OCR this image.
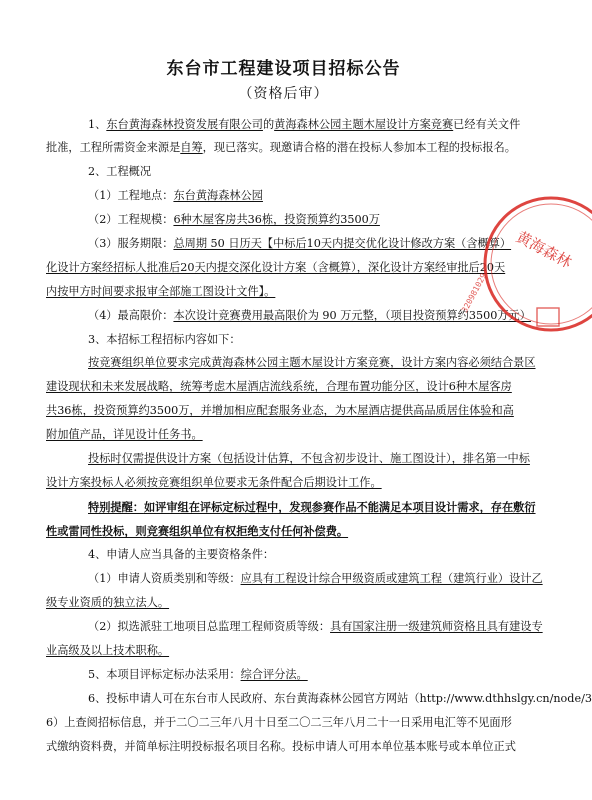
东台市工程建设项目招标公告
（资格后审）
1、东台黄海森林投资发展有限公司的黄海森林公园主题木屋设计方案竞赛已经有关文件
批准，工程所需资金来源是自筹，现已落实。现邀请合格的潜在投标人参加本工程的投标报名。
2、工程概况
（1）工程地点：东台黄海森林公园
（2）工程规模：6种木屋客房共36栋，投资预算约3500万
（3）服务期限：总周期 50 日历天【中标后10天内提交优化设计修改方案（含概算）
化设计方案经招标人批准后20天内提交深化设计方案（含概算），深化设计方案经审批后20天
内按甲方时间要求报审全部施工图设计文件】。
（4）最高限价：本次设计竞赛费用最高限价为 90 万元整，（项目投资预算约3500万元）
3、本招标工程招标内容如下：
按竞赛组织单位要求完成黄海森林公园主题木屋设计方案竞赛，设计方案内容必须结合景区
建设现状和未来发展战略，统筹考虑木屋酒店流线系统，合理布置功能分区，设计6种木屋客房
共36栋，投资预算约3500万，并增加相应配套服务业态，为木屋酒店提供高品质居住体验和高
附加值产品，详见设计任务书。
投标时仅需提供设计方案（包括设计估算，不包含初步设计、施工图设计），排名第一中标
设计方案投标人必须按竞赛组织单位要求无条件配合后期设计工作。
特别提醒：如评审组在评标定标过程中，发现参赛作品不能满足本项目设计需求，存在敷衍
性或雷同性投标，则竞赛组织单位有权拒绝支付任何补偿费。
4、申请人应当具备的主要资格条件：
（1）申请人资质类别和等级：应具有工程设计综合甲级资质或建筑工程（建筑行业）设计乙
级专业资质的独立法人。
（2）拟选派驻工地项目总监理工程师资质等级：具有国家注册一级建筑师资格且具有建设专
业高级及以上技术职称。
5、本项目评标定标办法采用：综合评分法。
6、投标申请人可在东台市人民政府、东台黄海森林公园官方网站（http://www.dthhslgy.cn/node/3
6）上查阅招标信息，并于二〇二三年八月十日至二〇二三年八月二十一日采用电汇等不见面形
式缴纳资料费，并简单标注明投标报名项目名称。投标申请人可用本单位基本账号或本单位正式
黄海森林
320981029
